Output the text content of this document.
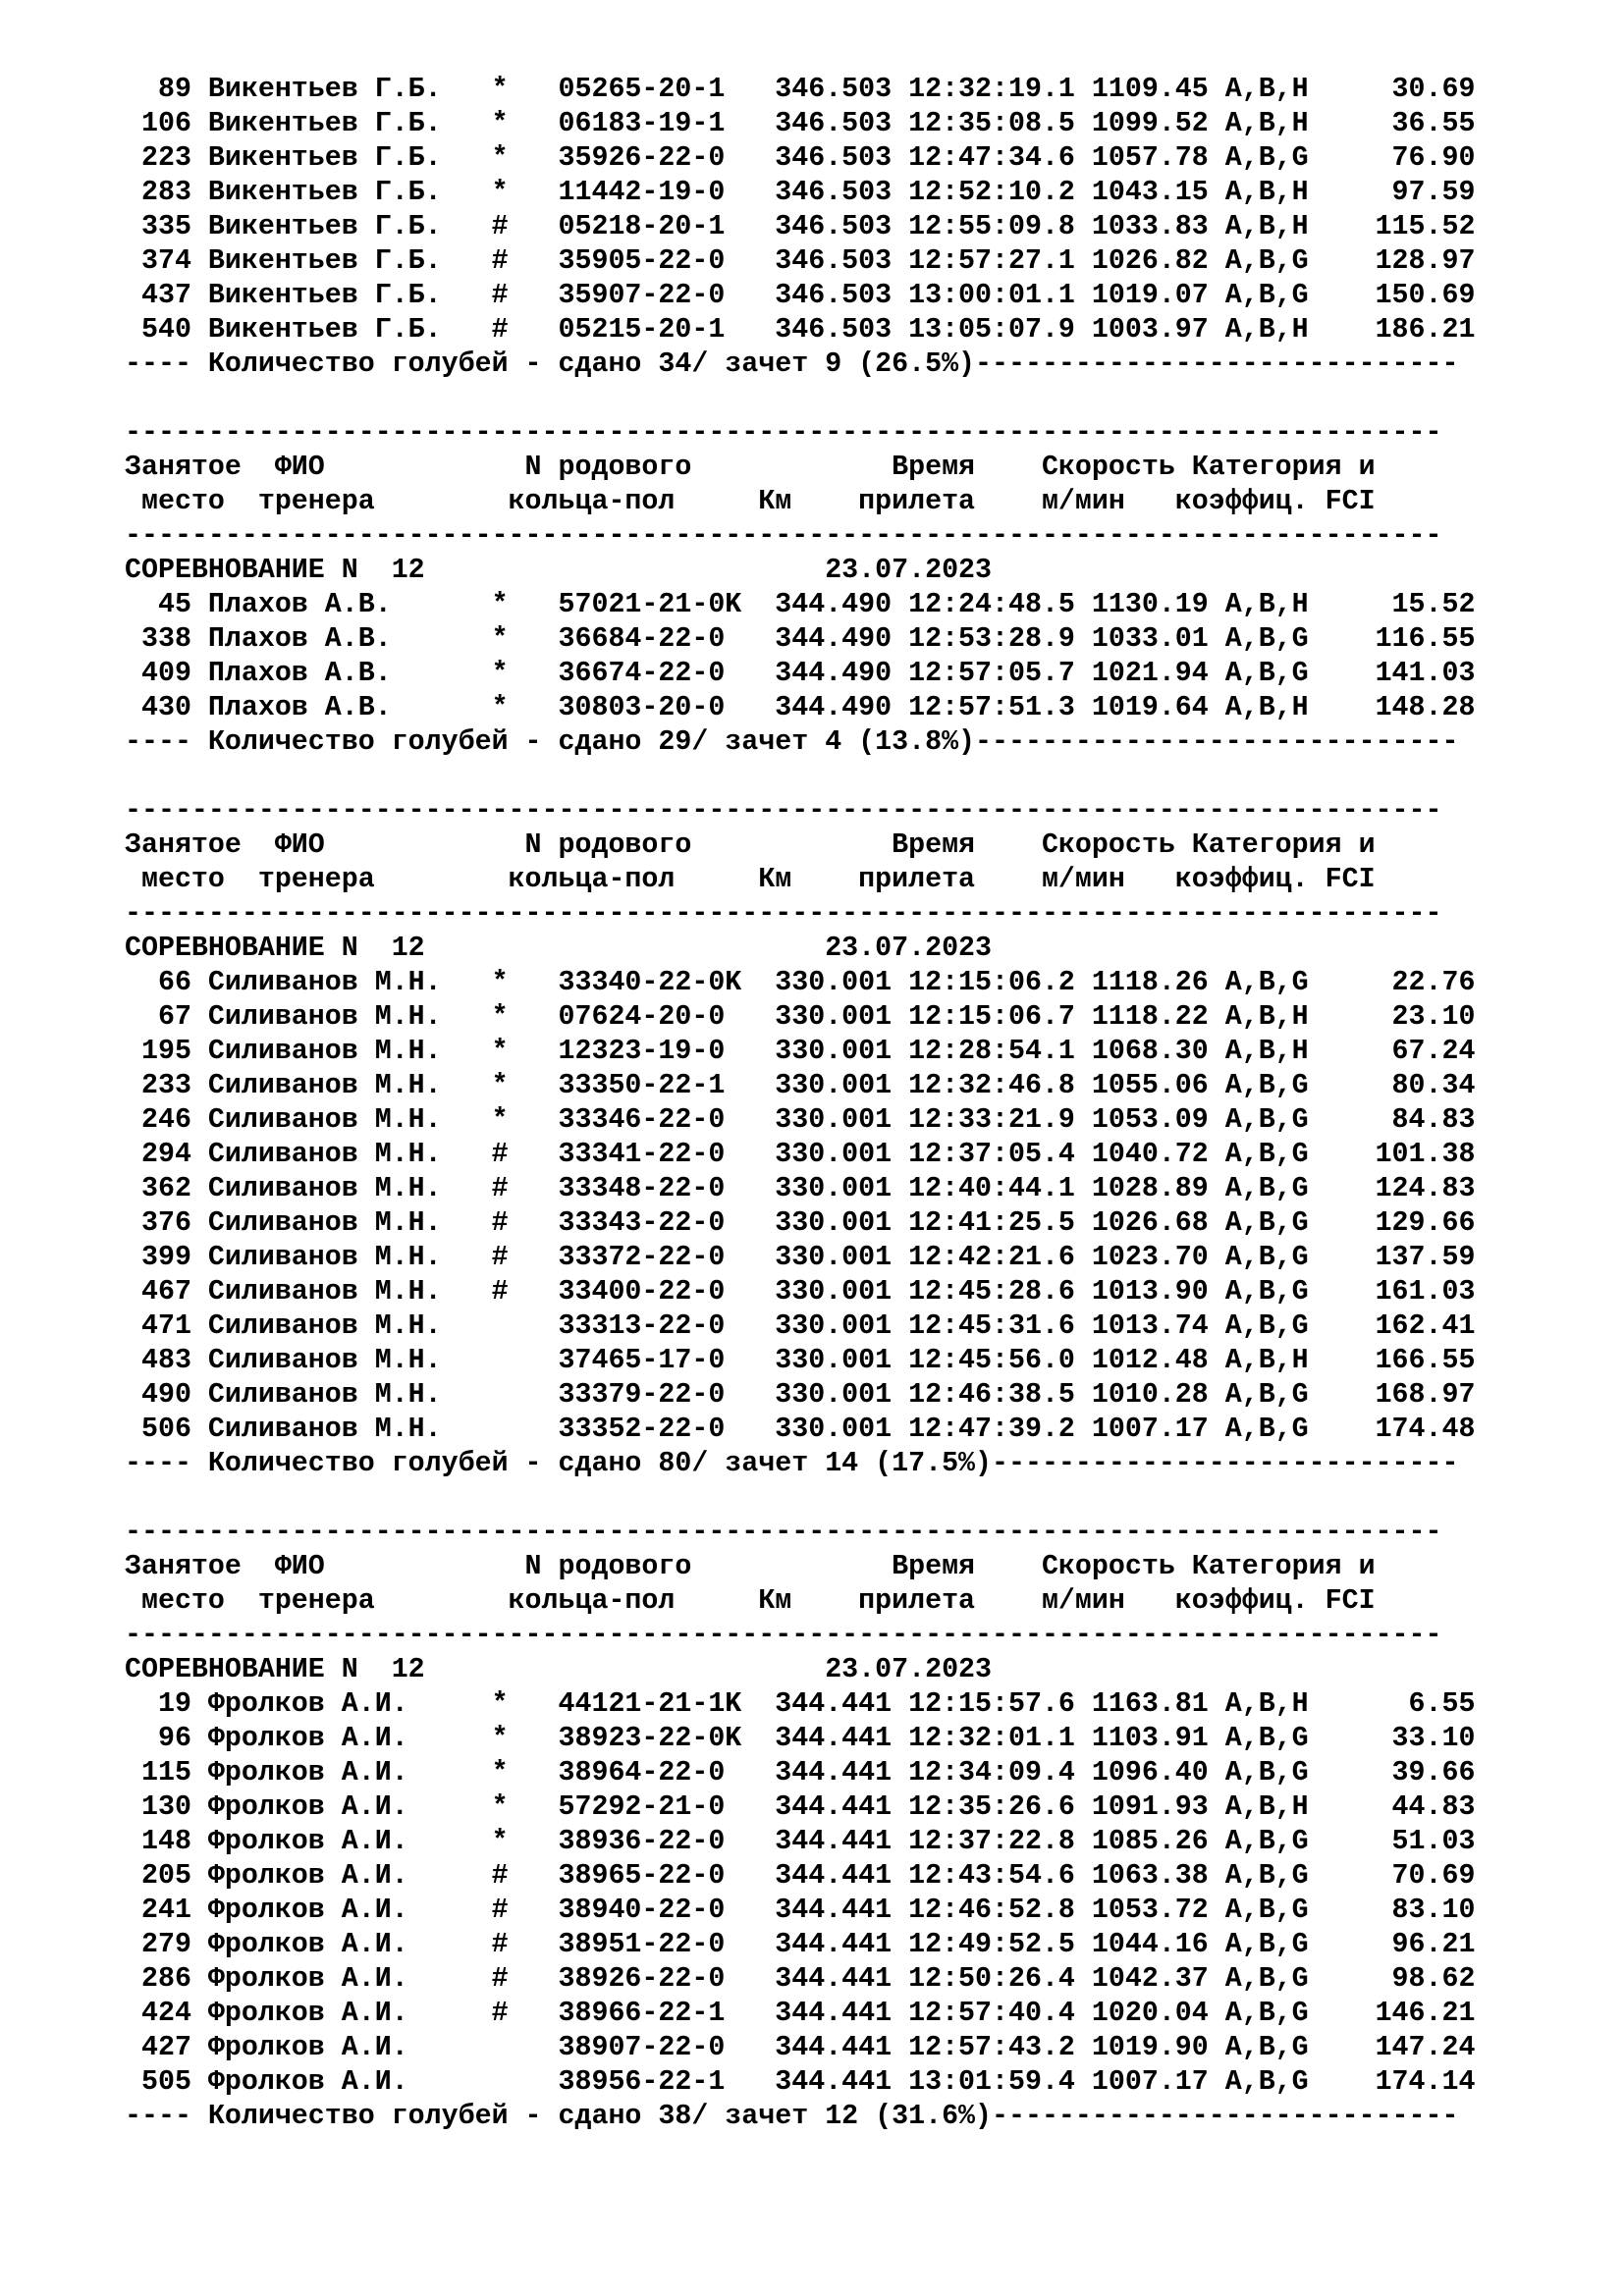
89 Викентьев Г.Б.   *   05265-20-1   346.503 12:32:19.1 1109.45 A,B,H     30.69
106 Викентьев Г.Б.   *   06183-19-1   346.503 12:35:08.5 1099.52 A,B,H     36.55
223 Викентьев Г.Б.   *   35926-22-0   346.503 12:47:34.6 1057.78 A,B,G     76.90
283 Викентьев Г.Б.   *   11442-19-0   346.503 12:52:10.2 1043.15 A,B,H     97.59
335 Викентьев Г.Б.   #   05218-20-1   346.503 12:55:09.8 1033.83 A,B,H    115.52
374 Викентьев Г.Б.   #   35905-22-0   346.503 12:57:27.1 1026.82 A,B,G    128.97
437 Викентьев Г.Б.   #   35907-22-0   346.503 13:00:01.1 1019.07 A,B,G    150.69
540 Викентьев Г.Б.   #   05215-20-1   346.503 13:05:07.9 1003.97 A,B,H    186.21
---- Количество голубей - сдано 34/ зачет 9 (26.5%)-----------------------------

-------------------------------------------------------------------------------
Занятое  ФИО            N родового            Время    Скорость Категория и
место  тренера        кольца-пол     Км    прилета    м/мин   коэффиц. FCI
-------------------------------------------------------------------------------
СОРЕВНОВАНИЕ N  12	23.07.2023
45 Плахов А.В.      *   57021-21-0K  344.490 12:24:48.5 1130.19 A,B,H     15.52
338 Плахов А.В.      *   36684-22-0   344.490 12:53:28.9 1033.01 A,B,G    116.55
409 Плахов А.В.      *   36674-22-0   344.490 12:57:05.7 1021.94 A,B,G    141.03
430 Плахов А.В.      *   30803-20-0   344.490 12:57:51.3 1019.64 A,B,H    148.28
---- Количество голубей - сдано 29/ зачет 4 (13.8%)-----------------------------

-------------------------------------------------------------------------------
Занятое  ФИО            N родового            Время    Скорость Категория и
место  тренера        кольца-пол     Км    прилета    м/мин   коэффиц. FCI
-------------------------------------------------------------------------------
СОРЕВНОВАНИЕ N  12	23.07.2023
66 Силиванов М.Н.   *   33340-22-0K  330.001 12:15:06.2 1118.26 A,B,G     22.76
67 Силиванов М.Н.   *   07624-20-0   330.001 12:15:06.7 1118.22 A,B,H     23.10
195 Силиванов М.Н.   *   12323-19-0   330.001 12:28:54.1 1068.30 A,B,H     67.24
233 Силиванов М.Н.   *   33350-22-1   330.001 12:32:46.8 1055.06 A,B,G     80.34
246 Силиванов М.Н.   *   33346-22-0   330.001 12:33:21.9 1053.09 A,B,G     84.83
294 Силиванов М.Н.   #   33341-22-0   330.001 12:37:05.4 1040.72 A,B,G    101.38
362 Силиванов М.Н.   #   33348-22-0   330.001 12:40:44.1 1028.89 A,B,G    124.83
376 Силиванов М.Н.   #   33343-22-0   330.001 12:41:25.5 1026.68 A,B,G    129.66
399 Силиванов М.Н.   #   33372-22-0   330.001 12:42:21.6 1023.70 A,B,G    137.59
467 Силиванов М.Н.   #   33400-22-0   330.001 12:45:28.6 1013.90 A,B,G    161.03
471 Силиванов М.Н.       33313-22-0   330.001 12:45:31.6 1013.74 A,B,G    162.41
483 Силиванов М.Н.       37465-17-0   330.001 12:45:56.0 1012.48 A,B,H    166.55
490 Силиванов М.Н.       33379-22-0   330.001 12:46:38.5 1010.28 A,B,G    168.97
506 Силиванов М.Н.       33352-22-0   330.001 12:47:39.2 1007.17 A,B,G    174.48
---- Количество голубей - сдано 80/ зачет 14 (17.5%)----------------------------

-------------------------------------------------------------------------------
Занятое  ФИО            N родового            Время    Скорость Категория и
место  тренера        кольца-пол     Км    прилета    м/мин   коэффиц. FCI
-------------------------------------------------------------------------------
СОРЕВНОВАНИЕ N  12	23.07.2023
19 Фролков А.И.     *   44121-21-1K  344.441 12:15:57.6 1163.81 A,B,H      6.55
96 Фролков А.И.     *   38923-22-0K  344.441 12:32:01.1 1103.91 A,B,G     33.10
115 Фролков А.И.     *   38964-22-0   344.441 12:34:09.4 1096.40 A,B,G     39.66
130 Фролков А.И.     *   57292-21-0   344.441 12:35:26.6 1091.93 A,B,H     44.83
148 Фролков А.И.     *   38936-22-0   344.441 12:37:22.8 1085.26 A,B,G     51.03
205 Фролков А.И.     #   38965-22-0   344.441 12:43:54.6 1063.38 A,B,G     70.69
241 Фролков А.И.     #   38940-22-0   344.441 12:46:52.8 1053.72 A,B,G     83.10
279 Фролков А.И.     #   38951-22-0   344.441 12:49:52.5 1044.16 A,B,G     96.21
286 Фролков А.И.     #   38926-22-0   344.441 12:50:26.4 1042.37 A,B,G     98.62
424 Фролков А.И.     #   38966-22-1   344.441 12:57:40.4 1020.04 A,B,G    146.21
427 Фролков А.И.         38907-22-0   344.441 12:57:43.2 1019.90 A,B,G    147.24
505 Фролков А.И.         38956-22-1   344.441 13:01:59.4 1007.17 A,B,G    174.14
---- Количество голубей - сдано 38/ зачет 12 (31.6%)----------------------------
